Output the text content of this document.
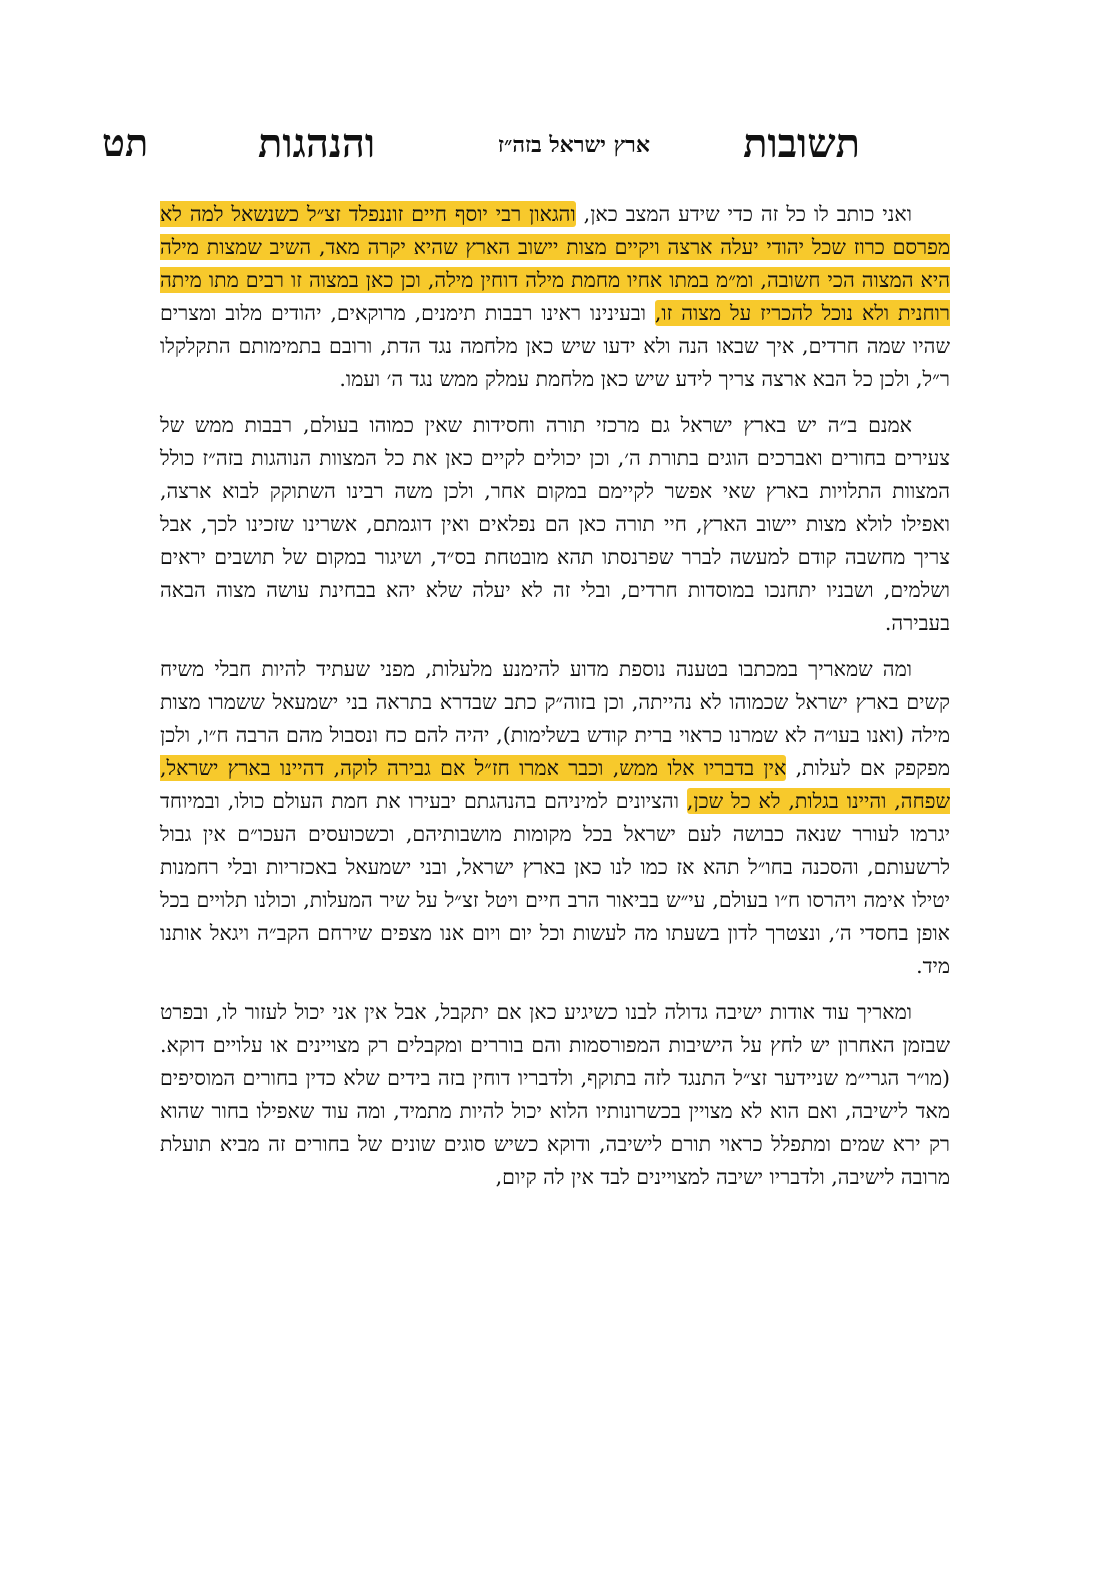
תשובות
ארץ ישראל בזה״ז
והנהגות
תט

ואני כותב לו כל זה כדי שידע המצב כאן, והגאון רבי יוסף חיים זוננפלד זצ״ל כשנשאל למה לא מפרסם כרוז שכל יהודי יעלה ארצה ויקיים מצות יישוב הארץ שהיא יקרה מאד, השיב שמצות מילה היא המצוה הכי חשובה, ומ״מ במתו אחיו מחמת מילה דוחין מילה, וכן כאן במצוה זו רבים מתו מיתה רוחנית ולא נוכל להכריז על מצוה זו, ובעינינו ראינו רבבות תימנים, מרוקאים, יהודים מלוב ומצרים שהיו שמה חרדים, איך שבאו הנה ולא ידעו שיש כאן מלחמה נגד הדת, ורובם בתמימותם התקלקלו ר״ל, ולכן כל הבא ארצה צריך לידע שיש כאן מלחמת עמלק ממש נגד ה׳ ועמו.

אמנם ב״ה יש בארץ ישראל גם מרכזי תורה וחסידות שאין כמוהו בעולם, רבבות ממש של צעירים בחורים ואברכים הוגים בתורת ה׳, וכן יכולים לקיים כאן את כל המצוות הנוהגות בזה״ז כולל המצוות התלויות בארץ שאי אפשר לקיימם במקום אחר, ולכן משה רבינו השתוקק לבוא ארצה, ואפילו לולא מצות יישוב הארץ, חיי תורה כאן הם נפלאים ואין דוגמתם, אשרינו שזכינו לכך, אבל צריך מחשבה קודם למעשה לברר שפרנסתו תהא מובטחת בס״ד, ושיגור במקום של תושבים יראים ושלמים, ושבניו יתחנכו במוסדות חרדים, ובלי זה לא יעלה שלא יהא בבחינת עושה מצוה הבאה בעבירה.

ומה שמאריך במכתבו בטענה נוספת מדוע להימנע מלעלות, מפני שעתיד להיות חבלי משיח קשים בארץ ישראל שכמוהו לא נהייתה, וכן בזוה״ק כתב שבדרא בתראה בני ישמעאל ששמרו מצות מילה (ואנו בעו״ה לא שמרנו כראוי ברית קודש בשלימות), יהיה להם כח ונסבול מהם הרבה ח״ו, ולכן מפקפק אם לעלות, אין בדבריו אלו ממש, וכבר אמרו חז״ל אם גבירה לוקה, דהיינו בארץ ישראל, שפחה, והיינו בגלות, לא כל שכן, והציונים למיניהם בהנהגתם יבעירו את חמת העולם כולו, ובמיוחד יגרמו לעורר שנאה כבושה לעם ישראל בכל מקומות מושבותיהם, וכשכועסים העכו״ם אין גבול לרשעותם, והסכנה בחו״ל תהא אז כמו לנו כאן בארץ ישראל, ובני ישמעאל באכזריות ובלי רחמנות יטילו אימה ויהרסו ח״ו בעולם, עי״ש בביאור הרב חיים ויטל זצ״ל על שיר המעלות, וכולנו תלויים בכל אופן בחסדי ה׳, ונצטרך לדון בשעתו מה לעשות וכל יום ויום אנו מצפים שירחם הקב״ה ויגאל אותנו מיד.

ומאריך עוד אודות ישיבה גדולה לבנו כשיגיע כאן אם יתקבל, אבל אין אני יכול לעזור לו, ובפרט שבזמן האחרון יש לחץ על הישיבות המפורסמות והם בוררים ומקבלים רק מצויינים או עלויים דוקא. (מו״ר הגרי״מ שניידער זצ״ל התנגד לזה בתוקף, ולדבריו דוחין בזה בידים שלא כדין בחורים המוסיפים מאד לישיבה, ואם הוא לא מצויין בכשרונותיו הלוא יכול להיות מתמיד, ומה עוד שאפילו בחור שהוא רק ירא שמים ומתפלל כראוי תורם לישיבה, ודוקא כשיש סוגים שונים של בחורים זה מביא תועלת מרובה לישיבה, ולדבריו ישיבה למצויינים לבד אין לה קיום,
